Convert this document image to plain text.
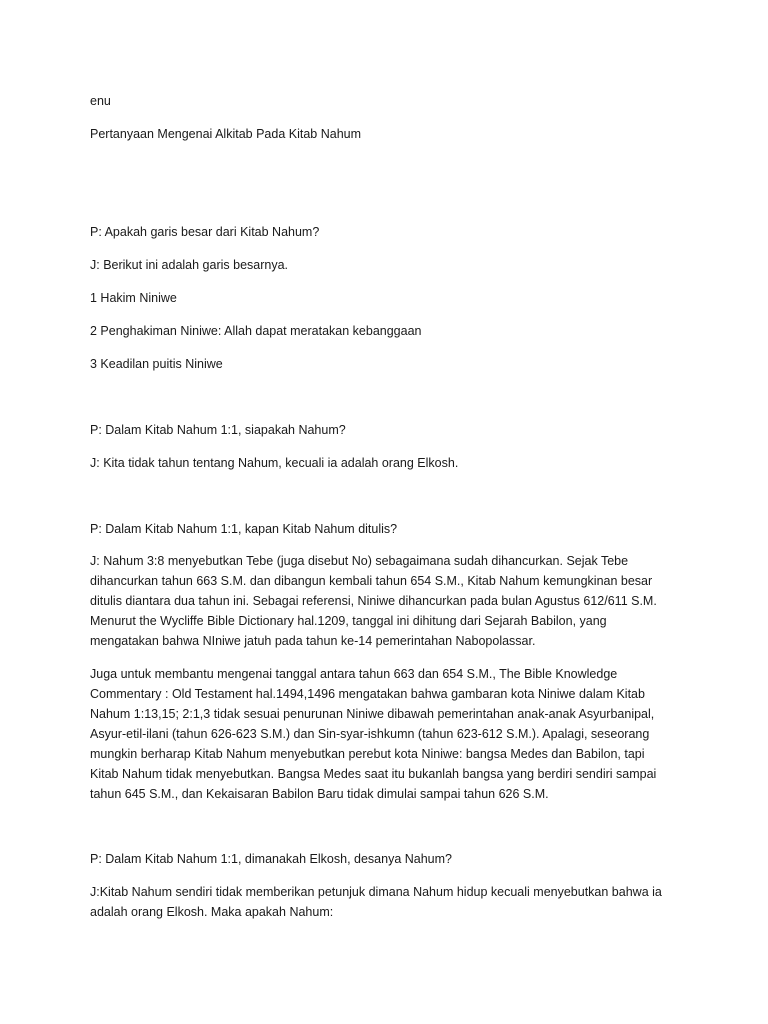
enu

Pertanyaan Mengenai Alkitab Pada Kitab Nahum

P: Apakah garis besar dari Kitab Nahum?

J: Berikut ini adalah garis besarnya.

1 Hakim Niniwe

2 Penghakiman Niniwe: Allah dapat meratakan kebanggaan

3 Keadilan puitis Niniwe

P: Dalam Kitab Nahum 1:1, siapakah Nahum?

J: Kita tidak tahun tentang Nahum, kecuali ia adalah orang Elkosh.

P: Dalam Kitab Nahum 1:1, kapan Kitab Nahum ditulis?

J: Nahum 3:8 menyebutkan Tebe (juga disebut No) sebagaimana sudah dihancurkan. Sejak Tebe
dihancurkan tahun 663 S.M. dan dibangun kembali tahun 654 S.M., Kitab Nahum kemungkinan besar
ditulis diantara dua tahun ini. Sebagai referensi, Niniwe dihancurkan pada bulan Agustus 612/611 S.M.
Menurut the Wycliffe Bible Dictionary hal.1209, tanggal ini dihitung dari Sejarah Babilon, yang
mengatakan bahwa NIniwe jatuh pada tahun ke-14 pemerintahan Nabopolassar.
Juga untuk membantu mengenai tanggal antara tahun 663 dan 654 S.M., The Bible Knowledge
Commentary : Old Testament hal.1494,1496 mengatakan bahwa gambaran kota Niniwe dalam Kitab
Nahum 1:13,15; 2:1,3 tidak sesuai penurunan Niniwe dibawah pemerintahan anak-anak Asyurbanipal,
Asyur-etil-ilani (tahun 626-623 S.M.) dan Sin-syar-ishkumn (tahun 623-612 S.M.). Apalagi, seseorang
mungkin berharap Kitab Nahum menyebutkan perebut kota Niniwe: bangsa Medes dan Babilon, tapi
Kitab Nahum tidak menyebutkan. Bangsa Medes saat itu bukanlah bangsa yang berdiri sendiri sampai
tahun 645 S.M., dan Kekaisaran Babilon Baru tidak dimulai sampai tahun 626 S.M.

P: Dalam Kitab Nahum 1:1, dimanakah Elkosh, desanya Nahum?

J:Kitab Nahum sendiri tidak memberikan petunjuk dimana Nahum hidup kecuali menyebutkan bahwa ia
adalah orang Elkosh. Maka apakah Nahum:
